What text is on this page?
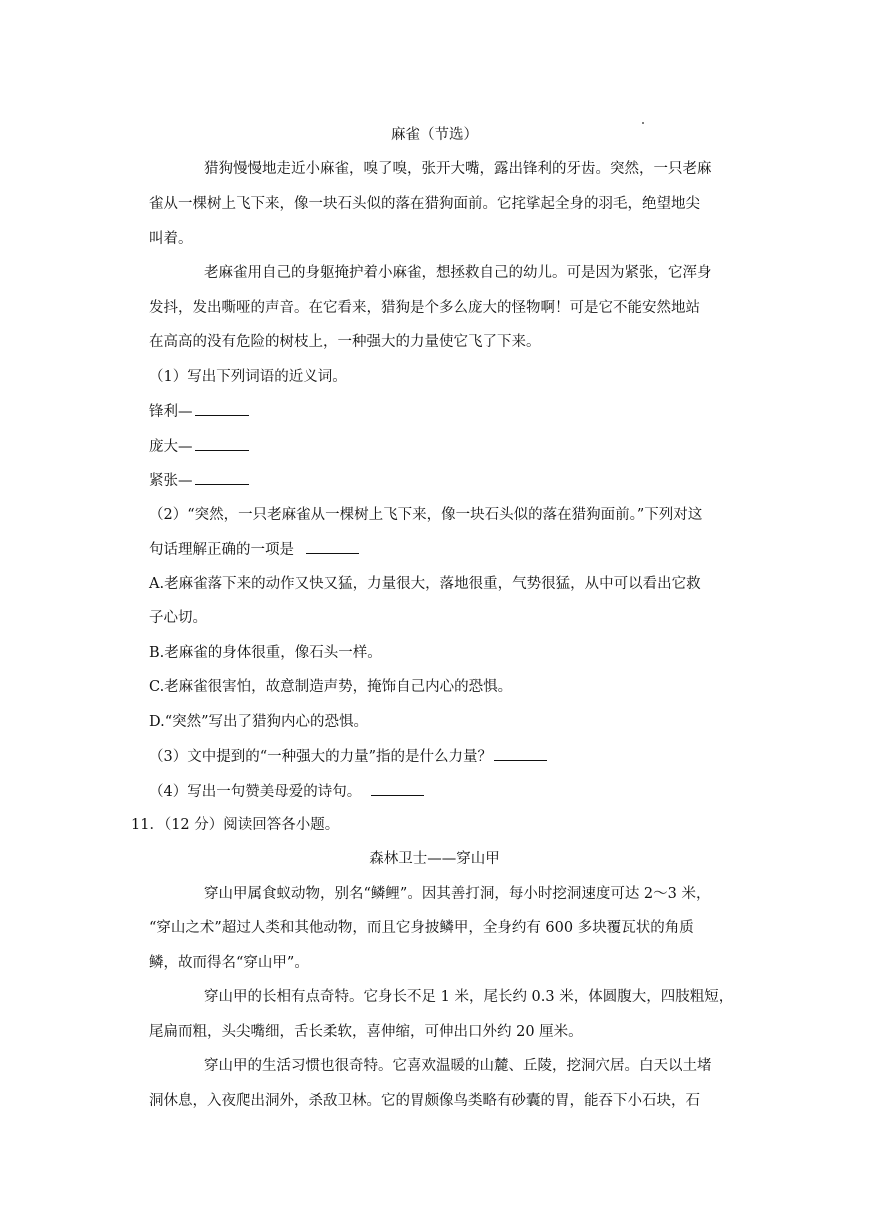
麻雀（节选）
猎狗慢慢地走近小麻雀，嗅了嗅，张开大嘴，露出锋利的牙齿。突然，一只老麻
雀从一棵树上飞下来，像一块石头似的落在猎狗面前。它挓挲起全身的羽毛，绝望地尖
叫着。
老麻雀用自己的身躯掩护着小麻雀，想拯救自己的幼儿。可是因为紧张，它浑身
发抖，发出嘶哑的声音。在它看来，猎狗是个多么庞大的怪物啊！可是它不能安然地站
在高高的没有危险的树枝上，一种强大的力量使它飞了下来。
（1）写出下列词语的近义词。
锋利—
庞大—
紧张—
（2）“突然，一只老麻雀从一棵树上飞下来，像一块石头似的落在猎狗面前。”下列对这
句话理解正确的一项是
A.老麻雀落下来的动作又快又猛，力量很大，落地很重，气势很猛，从中可以看出它救
子心切。
B.老麻雀的身体很重，像石头一样。
C.老麻雀很害怕，故意制造声势，掩饰自己内心的恐惧。
D.“突然”写出了猎狗内心的恐惧。
（3）文中提到的“一种强大的力量”指的是什么力量？
（4）写出一句赞美母爱的诗句。
11．（12 分）阅读回答各小题。
森林卫士——穿山甲
穿山甲属食蚁动物，别名“鳞鲤”。因其善打洞，每小时挖洞速度可达 2～3 米，
“穿山之术”超过人类和其他动物，而且它身披鳞甲，全身约有 600 多块覆瓦状的角质
鳞，故而得名“穿山甲”。
穿山甲的长相有点奇特。它身长不足 1 米，尾长约 0.3 米，体圆腹大，四肢粗短，
尾扁而粗，头尖嘴细，舌长柔软，喜伸缩，可伸出口外约 20 厘米。
穿山甲的生活习惯也很奇特。它喜欢温暖的山麓、丘陵，挖洞穴居。白天以土堵
洞休息，入夜爬出洞外，杀敌卫林。它的胃颇像鸟类略有砂囊的胃，能吞下小石块，石
